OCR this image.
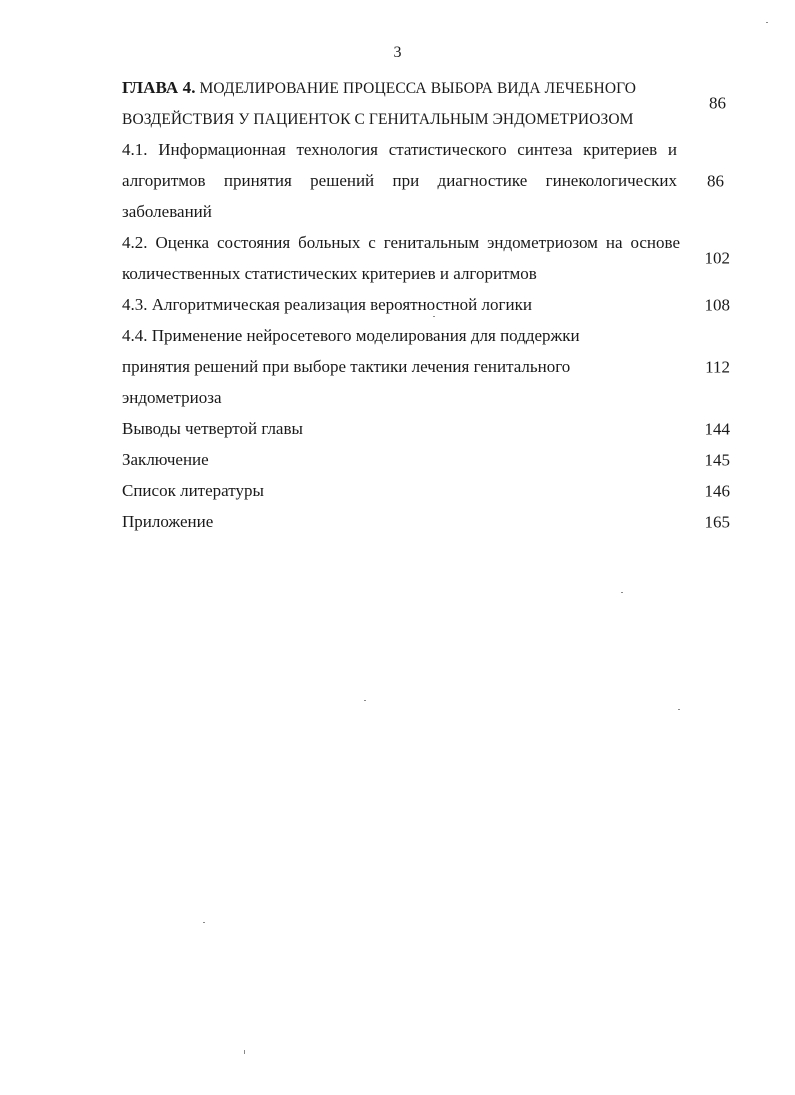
3
ГЛАВА 4. МОДЕЛИРОВАНИЕ ПРОЦЕССА ВЫБОРА ВИДА ЛЕЧЕБНОГО ВОЗДЕЙСТВИЯ У ПАЦИЕНТОК С ГЕНИТАЛЬНЫМ ЭНДОМЕТРИОЗОМ
86
4.1. Информационная технология статистического синтеза критериев и алгоритмов принятия решений при диагностике гинекологических заболеваний
86
4.2. Оценка состояния больных с генитальным эндометриозом на основе количественных статистических критериев и алгоритмов
102
4.3. Алгоритмическая реализация вероятностной логики	108
4.4. Применение нейросетевого моделирования для поддержки принятия решений при выборе тактики лечения генитального эндометриоза
112
Выводы четвертой главы	144
Заключение	145
Список литературы	146
Приложение	165
